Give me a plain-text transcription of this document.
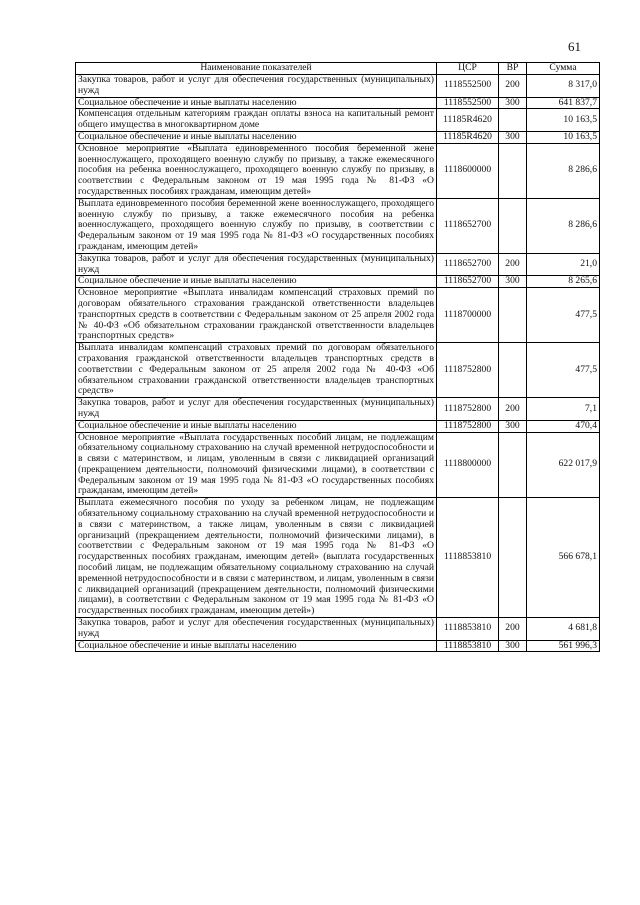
61
Наименование показателей	ЦСР	ВР	Сумма
Закупка товаров, работ и услуг для обеспечения государственных (муниципальных) нужд	1118552500	200	8 317,0
Социальное обеспечение и иные выплаты населению	1118552500	300	641 837,7
Компенсация отдельным категориям граждан оплаты взноса на капитальный ремонт общего имущества в многоквартирном доме	11185R4620		10 163,5
Социальное обеспечение и иные выплаты населению	11185R4620	300	10 163,5
Основное мероприятие «Выплата единовременного пособия беременной жене военнослужащего, проходящего военную службу по призыву, а также ежемесячного пособия на ребенка военнослужащего, проходящего военную службу по призыву, в соответствии с Федеральным законом от 19 мая 1995 года № 81-ФЗ «О государственных пособиях гражданам, имеющим детей»	1118600000		8 286,6
Выплата единовременного пособия беременной жене военнослужащего, проходящего военную службу по призыву, а также ежемесячного пособия на ребенка военнослужащего, проходящего военную службу по призыву, в соответствии с Федеральным законом от 19 мая 1995 года № 81-ФЗ «О государственных пособиях гражданам, имеющим детей»	1118652700		8 286,6
Закупка товаров, работ и услуг для обеспечения государственных (муниципальных) нужд	1118652700	200	21,0
Социальное обеспечение и иные выплаты населению	1118652700	300	8 265,6
Основное мероприятие «Выплата инвалидам компенсаций страховых премий по договорам обязательного страхования гражданской ответственности владельцев транспортных средств в соответствии с Федеральным законом от 25 апреля 2002 года № 40-ФЗ «Об обязательном страховании гражданской ответственности владельцев транспортных средств»	1118700000		477,5
Выплата инвалидам компенсаций страховых премий по договорам обязательного страхования гражданской ответственности владельцев транспортных средств в соответствии с Федеральным законом от 25 апреля 2002 года № 40-ФЗ «Об обязательном страховании гражданской ответственности владельцев транспортных средств»	1118752800		477,5
Закупка товаров, работ и услуг для обеспечения государственных (муниципальных) нужд	1118752800	200	7,1
Социальное обеспечение и иные выплаты населению	1118752800	300	470,4
Основное мероприятие «Выплата государственных пособий лицам, не подлежащим обязательному социальному страхованию на случай временной нетрудоспособности и в связи с материнством, и лицам, уволенным в связи с ликвидацией организаций (прекращением деятельности, полномочий физическими лицами), в соответствии с Федеральным законом от 19 мая 1995 года № 81-ФЗ «О государственных пособиях гражданам, имеющим детей»	1118800000		622 017,9
Выплата ежемесячного пособия по уходу за ребенком лицам, не подлежащим обязательному социальному страхованию на случай временной нетрудоспособности и в связи с материнством, а также лицам, уволенным в связи с ликвидацией организаций (прекращением деятельности, полномочий физическими лицами), в соответствии с Федеральным законом от 19 мая 1995 года № 81-ФЗ «О государственных пособиях гражданам, имеющим детей» (выплата государственных пособий лицам, не подлежащим обязательному социальному страхованию на случай временной нетрудоспособности и в связи с материнством, и лицам, уволенным в связи с ликвидацией организаций (прекращением деятельности, полномочий физическими лицами), в соответствии с Федеральным законом от 19 мая 1995 года № 81-ФЗ «О государственных пособиях гражданам, имеющим детей»)	1118853810		566 678,1
Закупка товаров, работ и услуг для обеспечения государственных (муниципальных) нужд	1118853810	200	4 681,8
Социальное обеспечение и иные выплаты населению	1118853810	300	561 996,3
